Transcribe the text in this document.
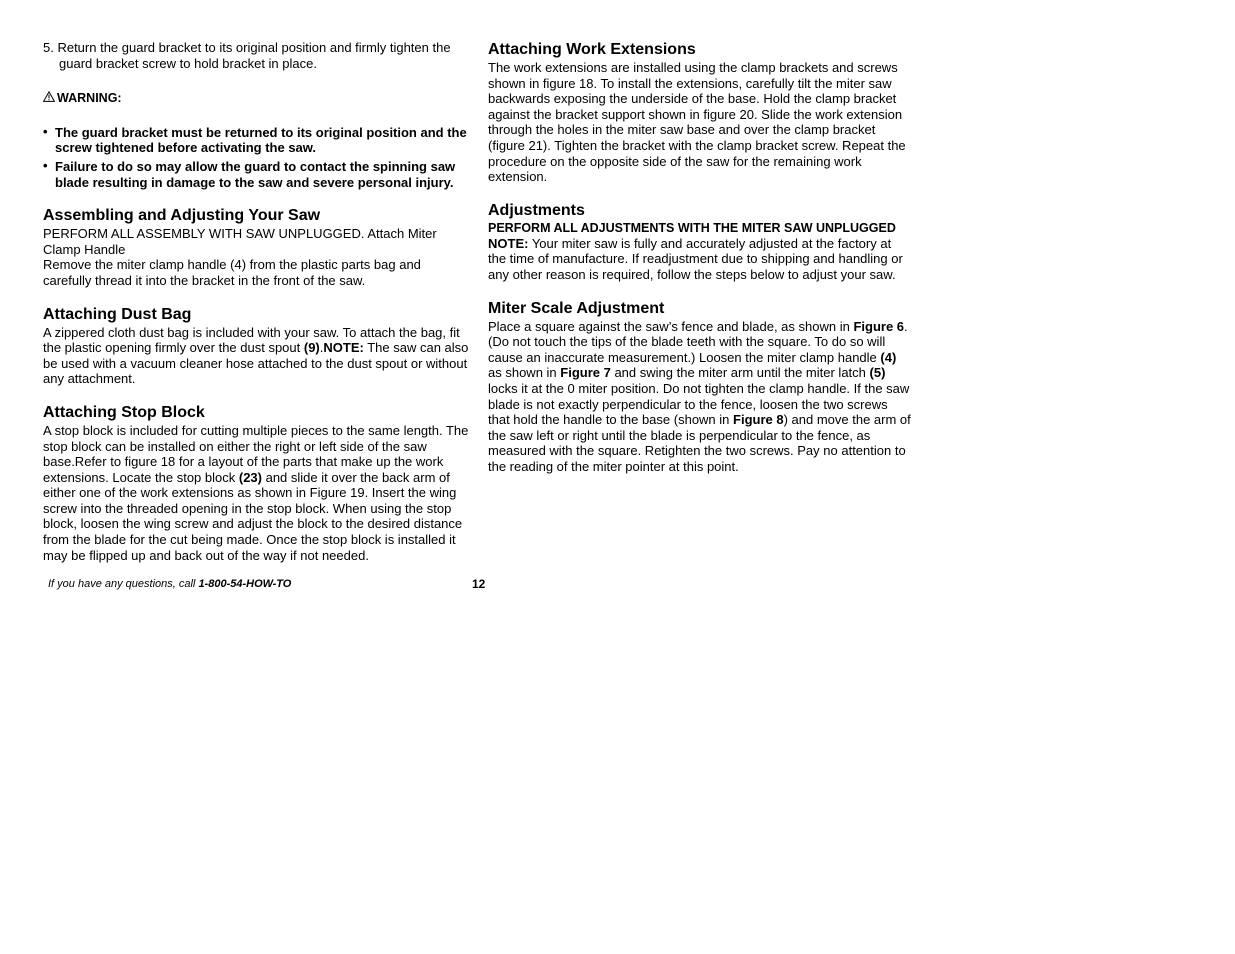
5. Return the guard bracket to its original position and firmly tighten the guard bracket screw to hold bracket in place.

WARNING:

• The guard bracket must be returned to its original position and the screw tightened before activating the saw.
• Failure to do so may allow the guard to contact the spinning saw blade resulting in damage to the saw and severe personal injury.
Assembling and Adjusting Your Saw

PERFORM ALL ASSEMBLY WITH SAW UNPLUGGED. Attach Miter Clamp Handle

Remove the miter clamp handle (4) from the plastic parts bag and carefully thread it into the bracket in the front of the saw.

Attaching Dust Bag

A zippered cloth dust bag is included with your saw. To attach the bag, fit the plastic opening firmly over the dust spout (9).NOTE: The saw can also be used with a vacuum cleaner hose attached to the dust spout or without any attachment.

Attaching Stop Block

A stop block is included for cutting multiple pieces to the same length. The stop block can be installed on either the right or left side of the saw base.Refer to figure 18 for a layout of the parts that make up the work extensions. Locate the stop block (23) and slide it over the back arm of either one of the work extensions as shown in Figure 19. Insert the wing screw into the threaded opening in the stop block. When using the stop block, loosen the wing screw and adjust the block to the desired distance from the blade for the cut being made. Once the stop block is installed it may be flipped up and back out of the way if not needed.

Attaching Work Extensions

The work extensions are installed using the clamp brackets and screws shown in figure 18. To install the extensions, carefully tilt the miter saw backwards exposing the underside of the base. Hold the clamp bracket against the bracket support shown in figure 20. Slide the work extension through the holes in the miter saw base and over the clamp bracket (figure 21). Tighten the bracket with the clamp bracket screw. Repeat the procedure on the opposite side of the saw for the remaining work extension.

Adjustments

PERFORM ALL ADJUSTMENTS WITH THE MITER SAW UNPLUGGED

NOTE: Your miter saw is fully and accurately adjusted at the factory at the time of manufacture. If readjustment due to shipping and handling or any other reason is required, follow the steps below to adjust your saw.

Miter Scale Adjustment

Place a square against the saw’s fence and blade, as shown in Figure 6. (Do not touch the tips of the blade teeth with the square. To do so will cause an inaccurate measurement.) Loosen the miter clamp handle (4) as shown in Figure 7 and swing the miter arm until the miter latch (5) locks it at the 0 miter position. Do not tighten the clamp handle. If the saw blade is not exactly perpendicular to the fence, loosen the two screws that hold the handle to the base (shown in Figure 8) and move the arm of the saw left or right until the blade is perpendicular to the fence, as measured with the square. Retighten the two screws. Pay no attention to the reading of the miter pointer at this point.

If you have any questions, call 1-800-54-HOW-TO	12
